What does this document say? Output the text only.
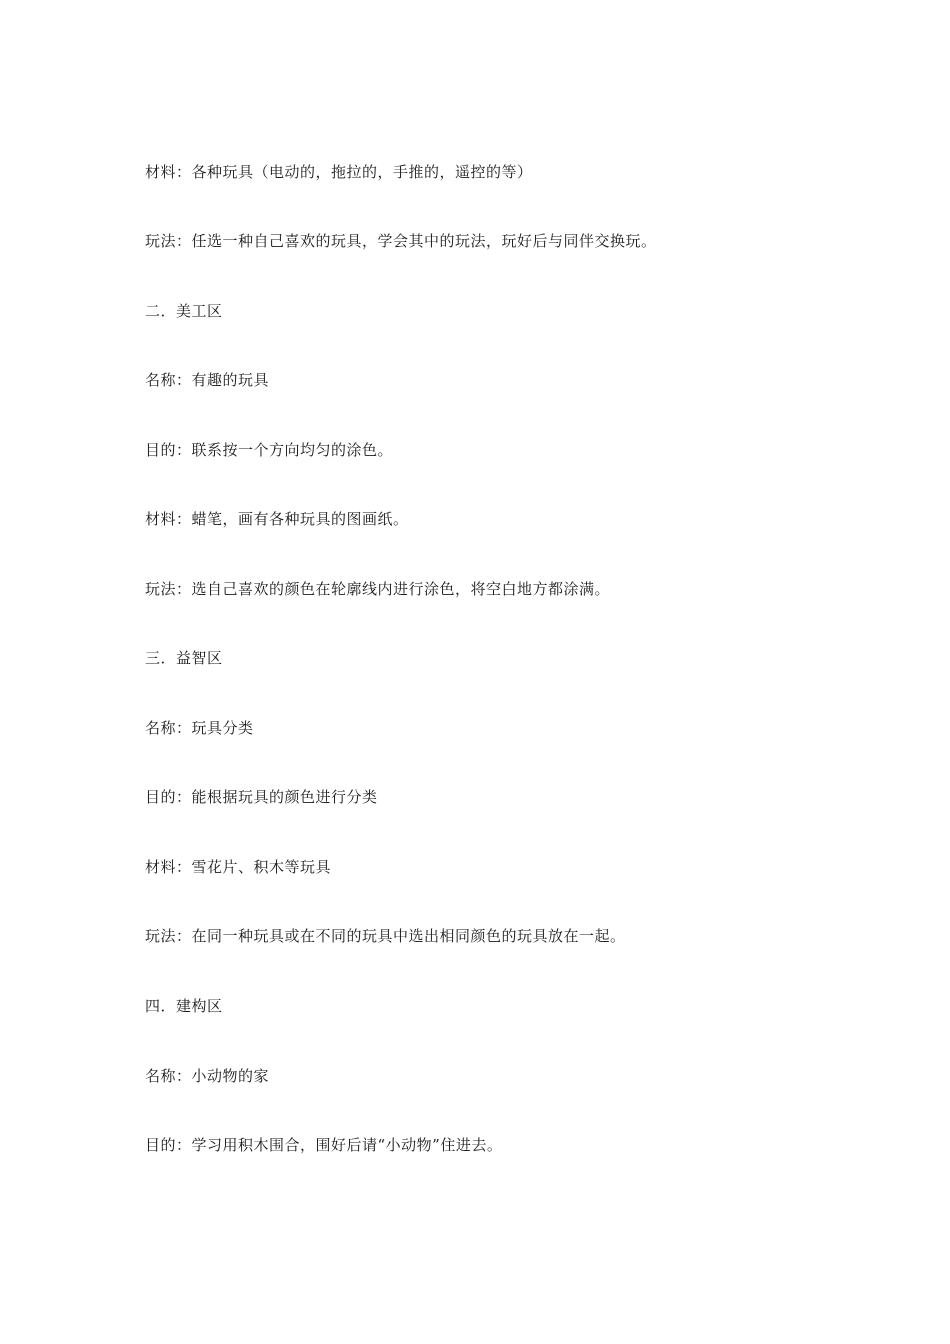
材料：各种玩具（电动的，拖拉的，手推的，遥控的等）

玩法：任选一种自己喜欢的玩具，学会其中的玩法，玩好后与同伴交换玩。

二．美工区

名称：有趣的玩具

目的：联系按一个方向均匀的涂色。

材料：蜡笔，画有各种玩具的图画纸。

玩法：选自己喜欢的颜色在轮廓线内进行涂色，将空白地方都涂满。

三．益智区

名称：玩具分类

目的：能根据玩具的颜色进行分类

材料：雪花片、积木等玩具

玩法：在同一种玩具或在不同的玩具中选出相同颜色的玩具放在一起。

四．建构区

名称：小动物的家

目的：学习用积木围合，围好后请“小动物”住进去。
